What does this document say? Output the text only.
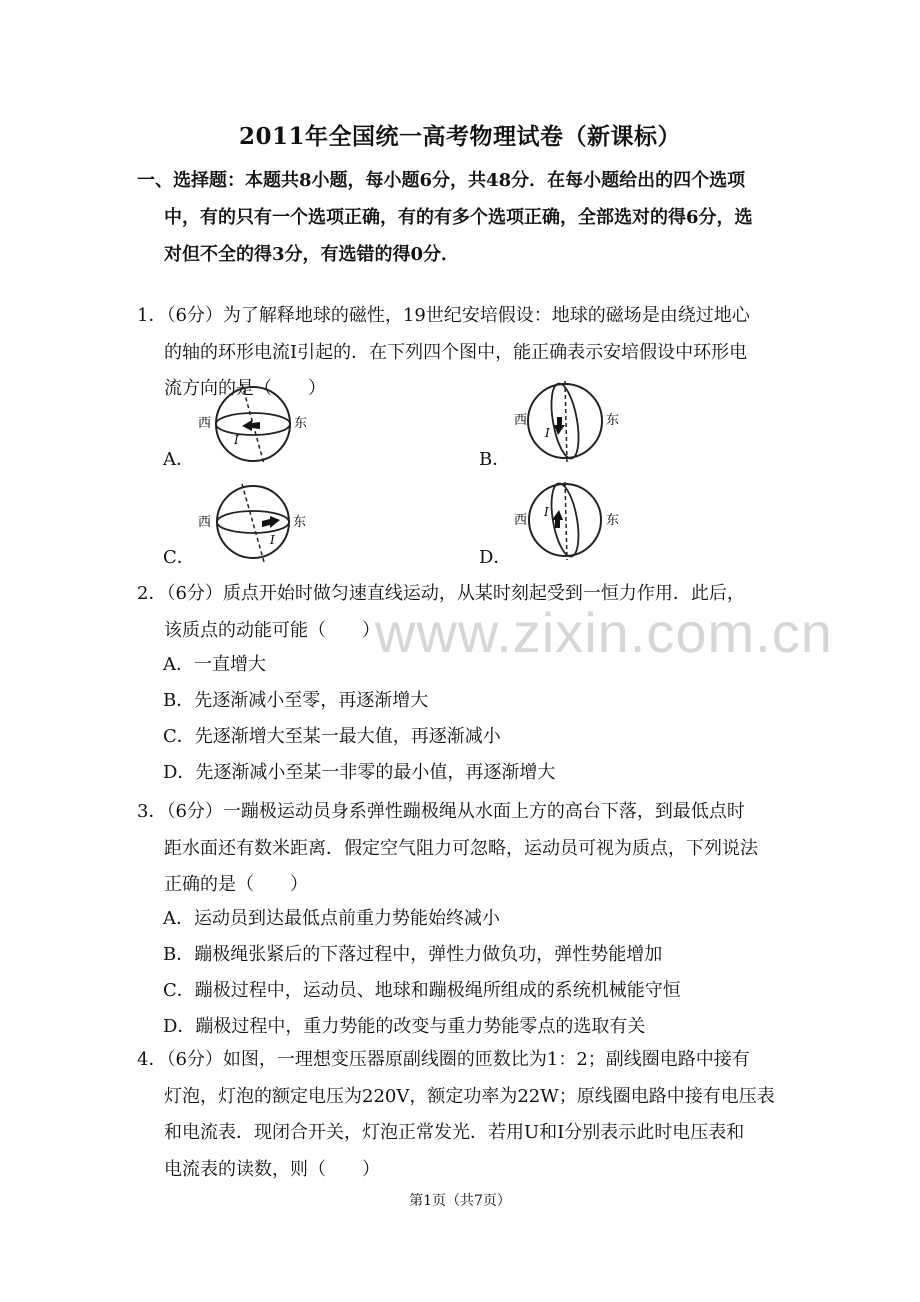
2011年全国统一高考物理试卷（新课标）
一、选择题：本题共8小题，每小题6分，共48分．在每小题给出的四个选项
中，有的只有一个选项正确，有的有多个选项正确，全部选对的得6分，选
对但不全的得3分，有选错的得0分．
1．（6分）为了解释地球的磁性，19世纪安培假设：地球的磁场是由绕过地心
的轴的环形电流I引起的．在下列四个图中，能正确表示安培假设中环形电
流方向的是（　　）
A．
西	东
I
B．
西	东
I
C．
西	东
I
D．
西	东
I
2．（6分）质点开始时做匀速直线运动，从某时刻起受到一恒力作用．此后，
该质点的动能可能（　　）
A．一直增大
B．先逐渐减小至零，再逐渐增大
C．先逐渐增大至某一最大值，再逐渐减小
D．先逐渐减小至某一非零的最小值，再逐渐增大
3．（6分）一蹦极运动员身系弹性蹦极绳从水面上方的高台下落，到最低点时
距水面还有数米距离．假定空气阻力可忽略，运动员可视为质点，下列说法
正确的是（　　）
A．运动员到达最低点前重力势能始终减小
B．蹦极绳张紧后的下落过程中，弹性力做负功，弹性势能增加
C．蹦极过程中，运动员、地球和蹦极绳所组成的系统机械能守恒
D．蹦极过程中，重力势能的改变与重力势能零点的选取有关
4．（6分）如图，一理想变压器原副线圈的匝数比为1：2；副线圈电路中接有
灯泡，灯泡的额定电压为220V，额定功率为22W；原线圈电路中接有电压表
和电流表．现闭合开关，灯泡正常发光．若用U和I分别表示此时电压表和
电流表的读数，则（　　）
第1页（共7页）
www.zixin.com.cn
